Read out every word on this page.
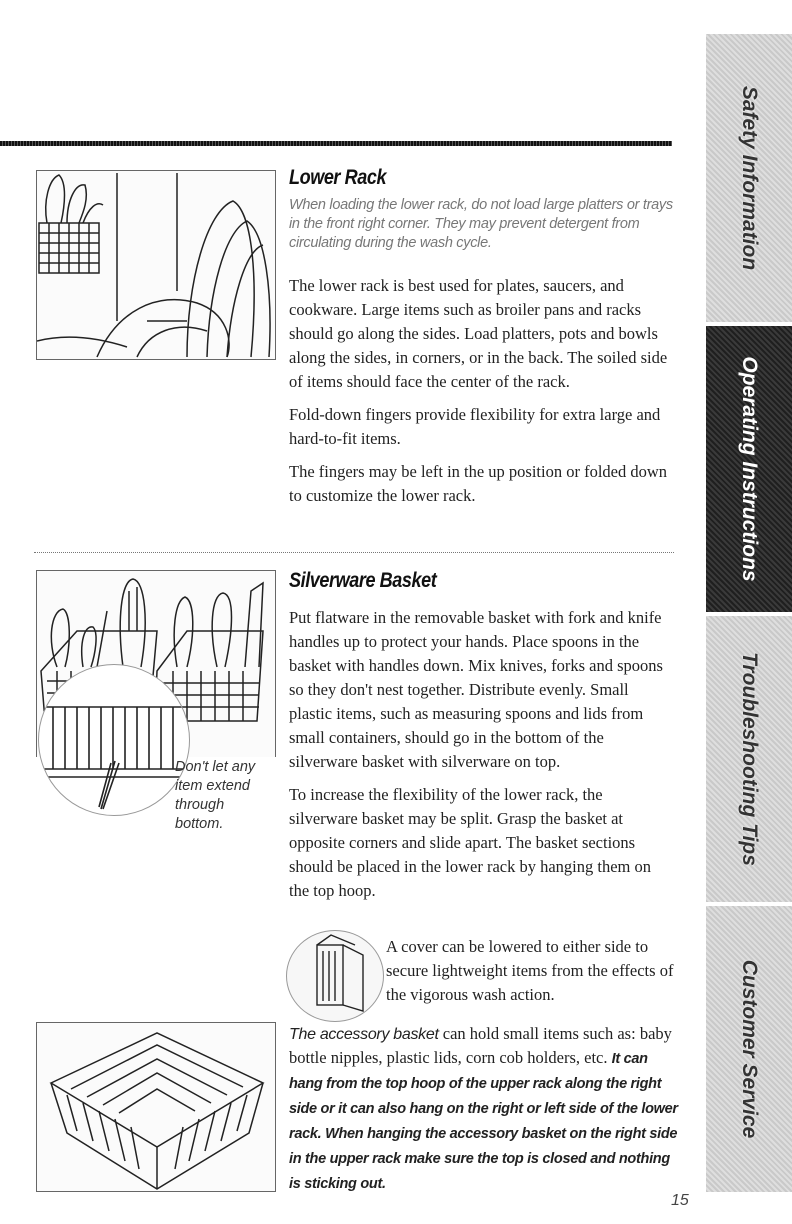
Lower Rack
When loading the lower rack, do not load large platters or trays in the front right corner. They may prevent detergent from circulating during the wash cycle.

The lower rack is best used for plates, saucers, and cookware. Large items such as broiler pans and racks should go along the sides. Load platters, pots and bowls along the sides, in corners, or in the back. The soiled side of items should face the center of the rack.

Fold-down fingers provide flexibility for extra large and hard-to-fit items.

The fingers may be left in the up position or folded down to customize the lower rack.

Don't let any item extend through bottom.
Silverware Basket

Put flatware in the removable basket with fork and knife handles up to protect your hands. Place spoons in the basket with handles down. Mix knives, forks and spoons so they don't nest together. Distribute evenly. Small plastic items, such as measuring spoons and lids from small containers, should go in the bottom of the silverware basket with silverware on top.

To increase the flexibility of the lower rack, the silverware basket may be split. Grasp the basket at opposite corners and slide apart. The basket sections should be placed in the lower rack by hanging them on the top hoop.

A cover can be lowered to either side to secure lightweight items from the effects of the vigorous wash action.

The accessory basket can hold small items such as: baby bottle nipples, plastic lids, corn cob holders, etc. It can hang from the top hoop of the upper rack along the right side or it can also hang on the right or left side of the lower rack. When hanging the accessory basket on the right side in the upper rack make sure the top is closed and nothing is sticking out.

Safety Information
Operating Instructions
Troubleshooting Tips
Customer Service
15
